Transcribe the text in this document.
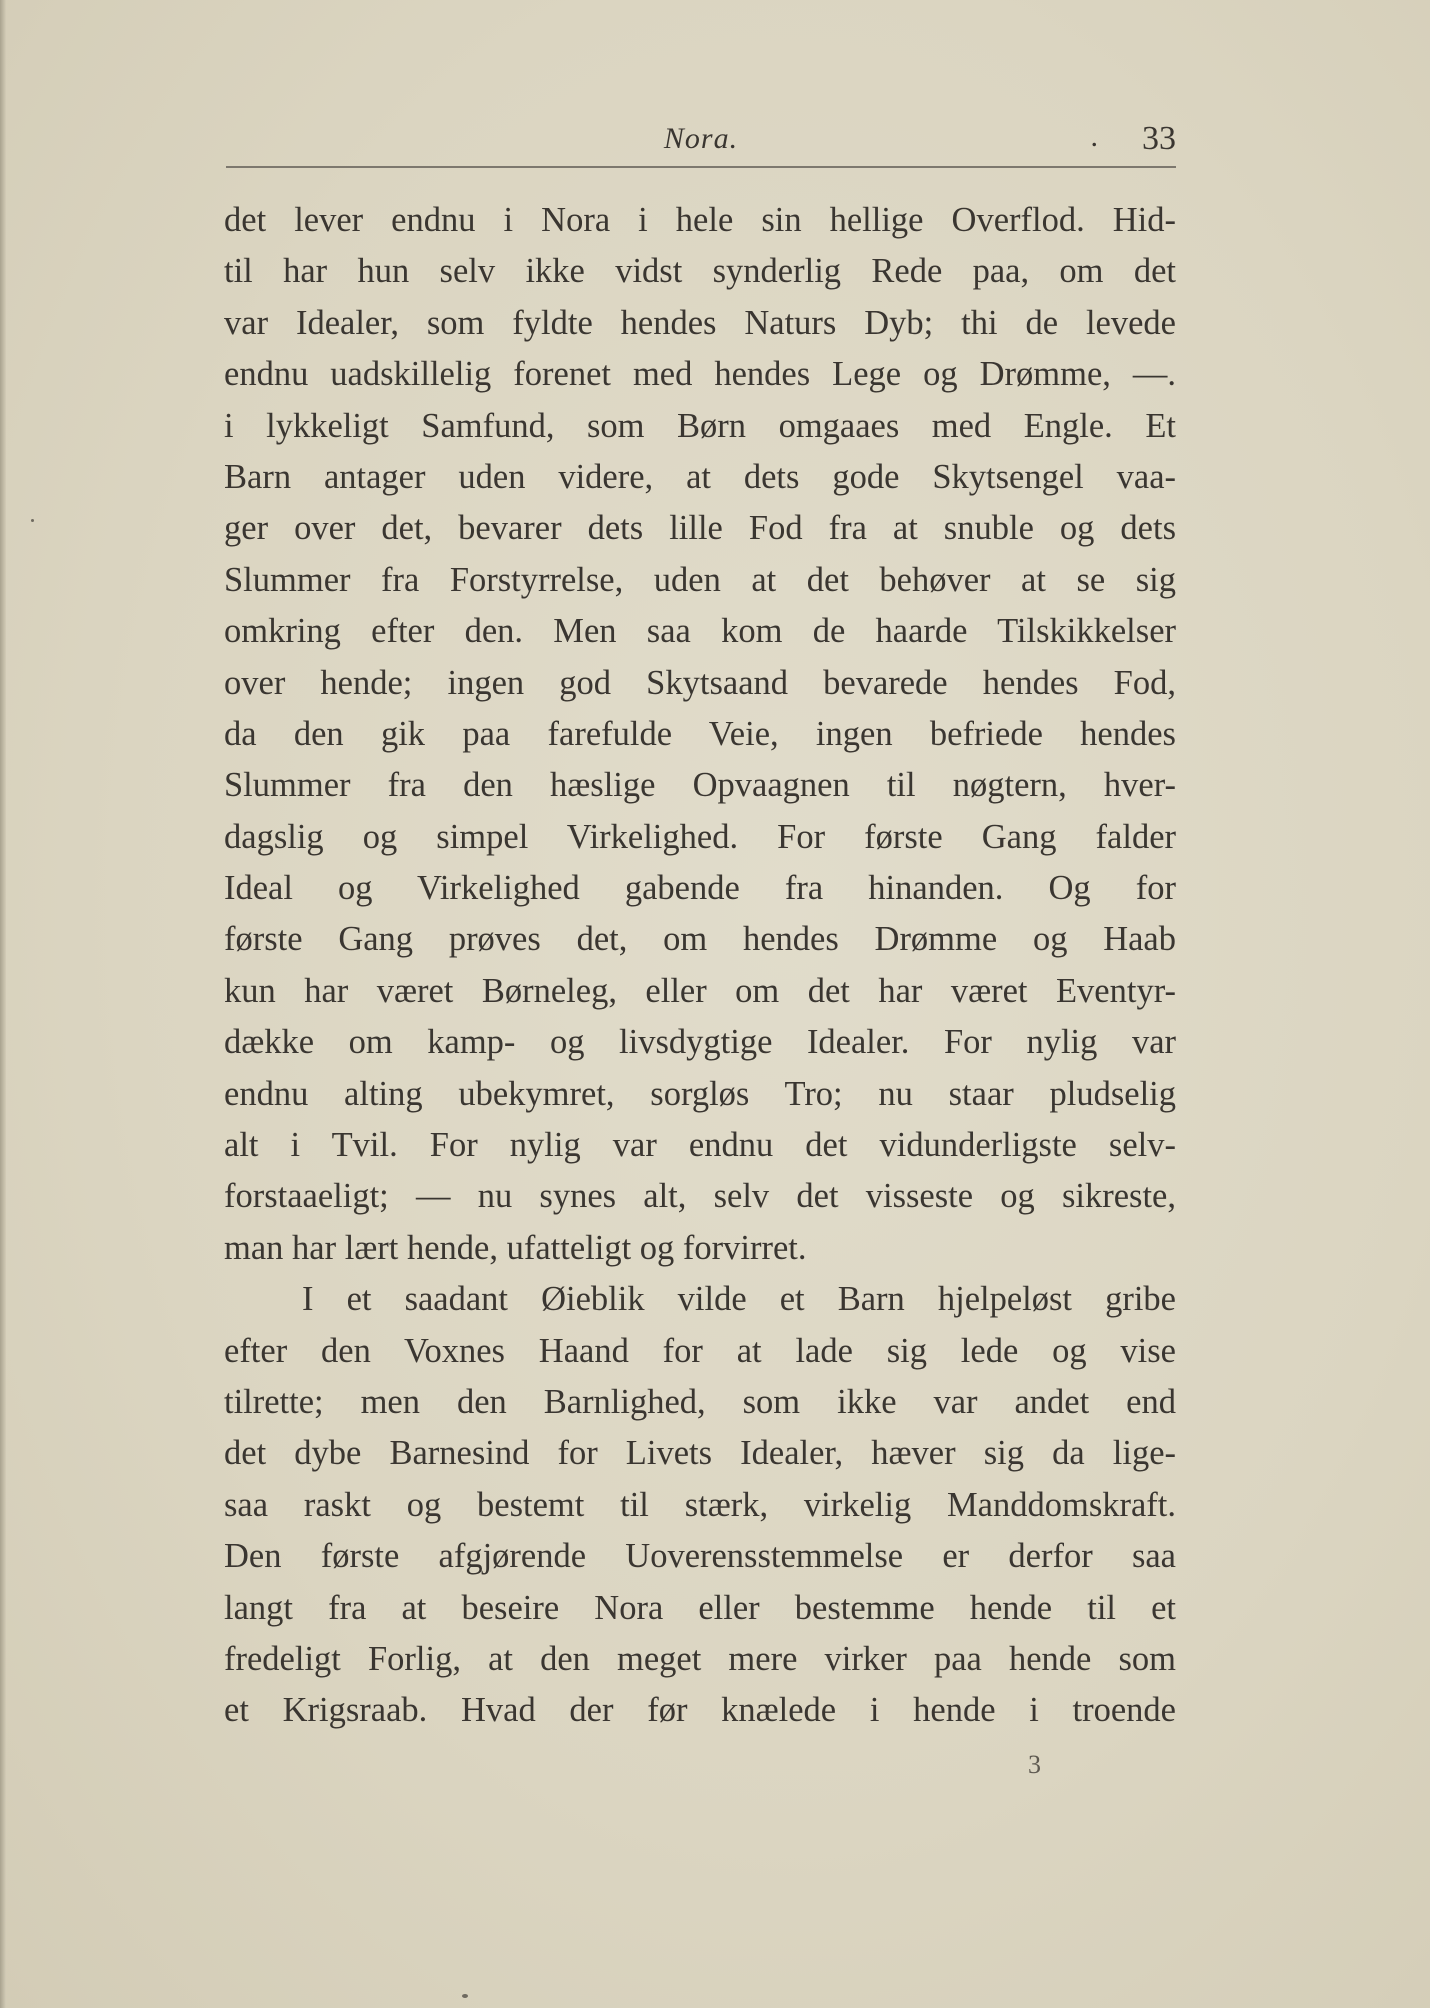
Nora.	. 33
det lever endnu i Nora i hele sin hellige Overflod. Hid-
til har hun selv ikke vidst synderlig Rede paa, om det
var Idealer, som fyldte hendes Naturs Dyb; thi de levede
endnu uadskillelig forenet med hendes Lege og Drømme, —.
i lykkeligt Samfund, som Børn omgaaes med Engle. Et
Barn antager uden videre, at dets gode Skytsengel vaa-
ger over det, bevarer dets lille Fod fra at snuble og dets
Slummer fra Forstyrrelse, uden at det behøver at se sig
omkring efter den. Men saa kom de haarde Tilskikkelser
over hende; ingen god Skytsaand bevarede hendes Fod,
da den gik paa farefulde Veie, ingen befriede hendes
Slummer fra den hæslige Opvaagnen til nøgtern, hver-
dagslig og simpel Virkelighed. For første Gang falder
Ideal og Virkelighed gabende fra hinanden. Og for
første Gang prøves det, om hendes Drømme og Haab
kun har været Børneleg, eller om det har været Eventyr-
dække om kamp- og livsdygtige Idealer. For nylig var
endnu alting ubekymret, sorgløs Tro; nu staar pludselig
alt i Tvil. For nylig var endnu det vidunderligste selv-
forstaaeligt; — nu synes alt, selv det visseste og sikreste,
man har lært hende, ufatteligt og forvirret.
I et saadant Øieblik vilde et Barn hjelpeløst gribe
efter den Voxnes Haand for at lade sig lede og vise
tilrette; men den Barnlighed, som ikke var andet end
det dybe Barnesind for Livets Idealer, hæver sig da lige-
saa raskt og bestemt til stærk, virkelig Manddomskraft.
Den første afgjørende Uoverensstemmelse er derfor saa
langt fra at beseire Nora eller bestemme hende til et
fredeligt Forlig, at den meget mere virker paa hende som
et Krigsraab. Hvad der før knælede i hende i troende
3
